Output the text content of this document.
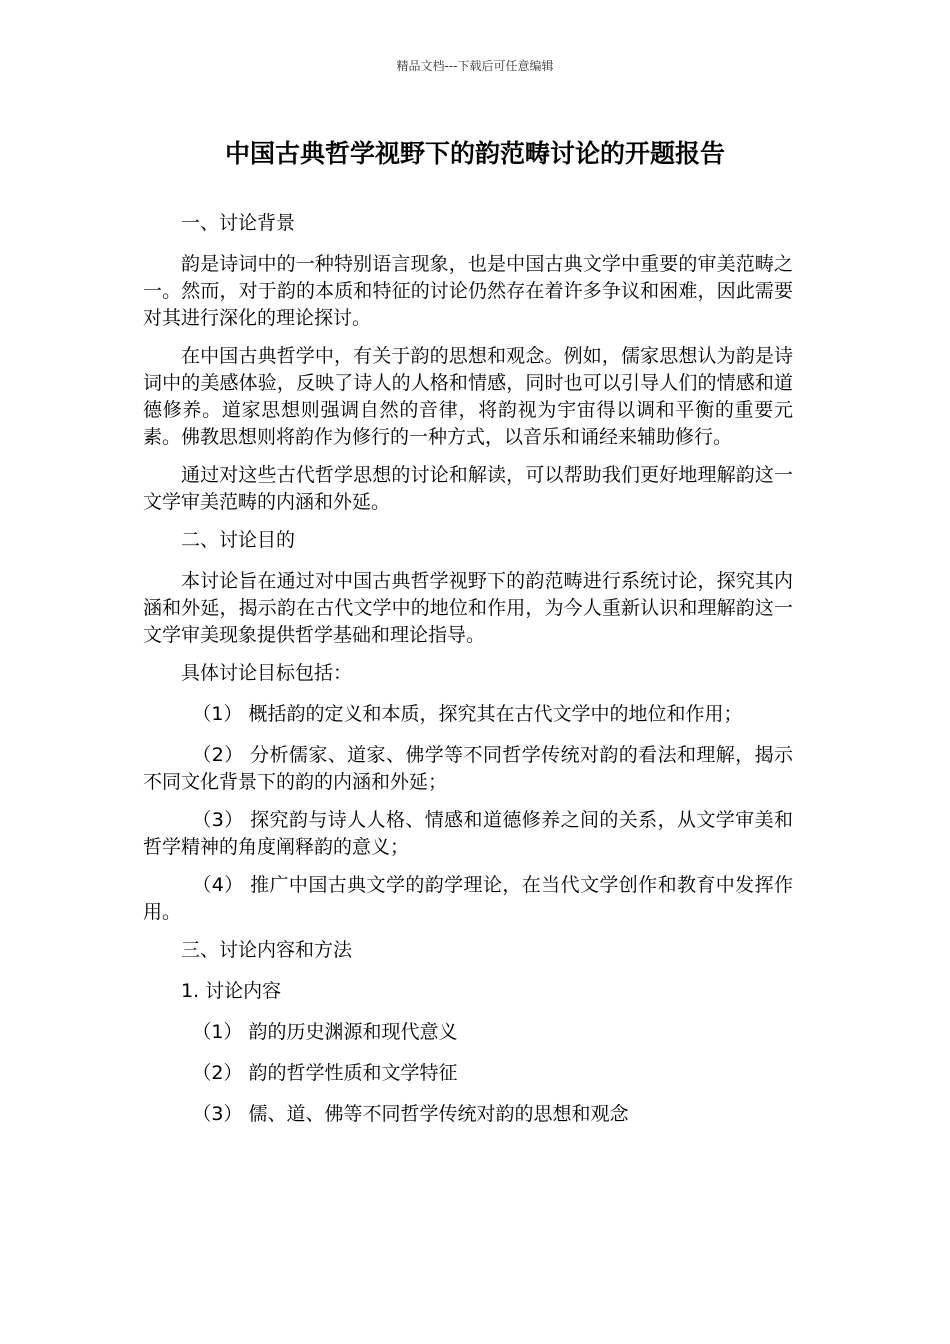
精品文档---下载后可任意编辑
中国古典哲学视野下的韵范畴讨论的开题报告

一、讨论背景

韵是诗词中的一种特别语言现象，也是中国古典文学中重要的审美范畴之一。然而，对于韵的本质和特征的讨论仍然存在着许多争议和困难，因此需要对其进行深化的理论探讨。

在中国古典哲学中，有关于韵的思想和观念。例如，儒家思想认为韵是诗词中的美感体验，反映了诗人的人格和情感，同时也可以引导人们的情感和道德修养。道家思想则强调自然的音律，将韵视为宇宙得以调和平衡的重要元素。佛教思想则将韵作为修行的一种方式，以音乐和诵经来辅助修行。

通过对这些古代哲学思想的讨论和解读，可以帮助我们更好地理解韵这一文学审美范畴的内涵和外延。

二、讨论目的

本讨论旨在通过对中国古典哲学视野下的韵范畴进行系统讨论，探究其内涵和外延，揭示韵在古代文学中的地位和作用，为今人重新认识和理解韵这一文学审美现象提供哲学基础和理论指导。

具体讨论目标包括：

（1） 概括韵的定义和本质，探究其在古代文学中的地位和作用；

（2） 分析儒家、道家、佛学等不同哲学传统对韵的看法和理解，揭示不同文化背景下的韵的内涵和外延；

（3） 探究韵与诗人人格、情感和道德修养之间的关系，从文学审美和哲学精神的角度阐释韵的意义；

（4） 推广中国古典文学的韵学理论，在当代文学创作和教育中发挥作用。

三、讨论内容和方法

1. 讨论内容

（1） 韵的历史渊源和现代意义

（2） 韵的哲学性质和文学特征

（3） 儒、道、佛等不同哲学传统对韵的思想和观念
